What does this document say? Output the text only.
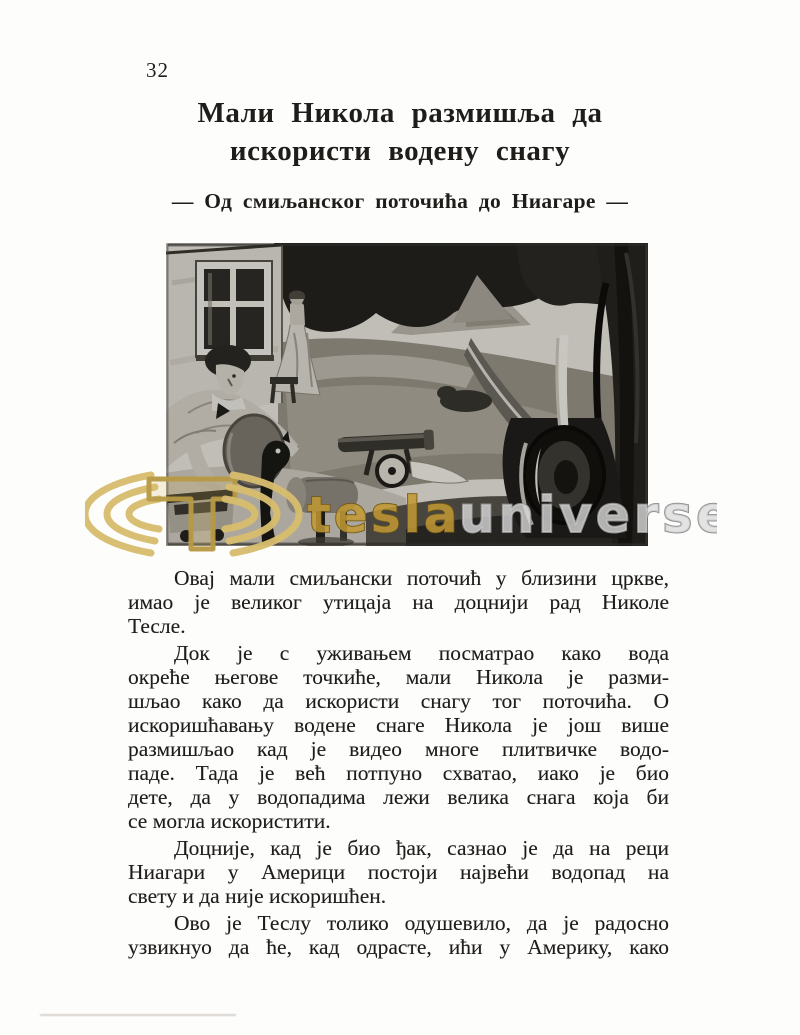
32
Мали Никола размишља да
искористи водену снагу
— Од смиљанског поточића до Ниагаре —
tesla
universe
Овај мали смиљански поточић у близини цркве,
имао је великог утицаја на доцнији рад Николе
Тесле.
Док је с уживањем посматрао како вода
окреће његове точкиће, мали Никола је разми-
шљао како да искористи снагу тог поточића. О
искоришћавању водене снаге Никола је још више
размишљао кад је видео многе плитвичке водо-
паде. Тада је већ потпуно схватао, иако је био
дете, да у водопадима лежи велика снага која би
се могла искористити.
Доцније, кад је био ђак, сазнао је да на реци
Ниагари у Америци постоји највећи водопад на
свету и да није искоришћен.
Ово је Теслу толико одушевило, да је радосно
узвикнуо да ће, кад одрасте, ићи у Америку, како
